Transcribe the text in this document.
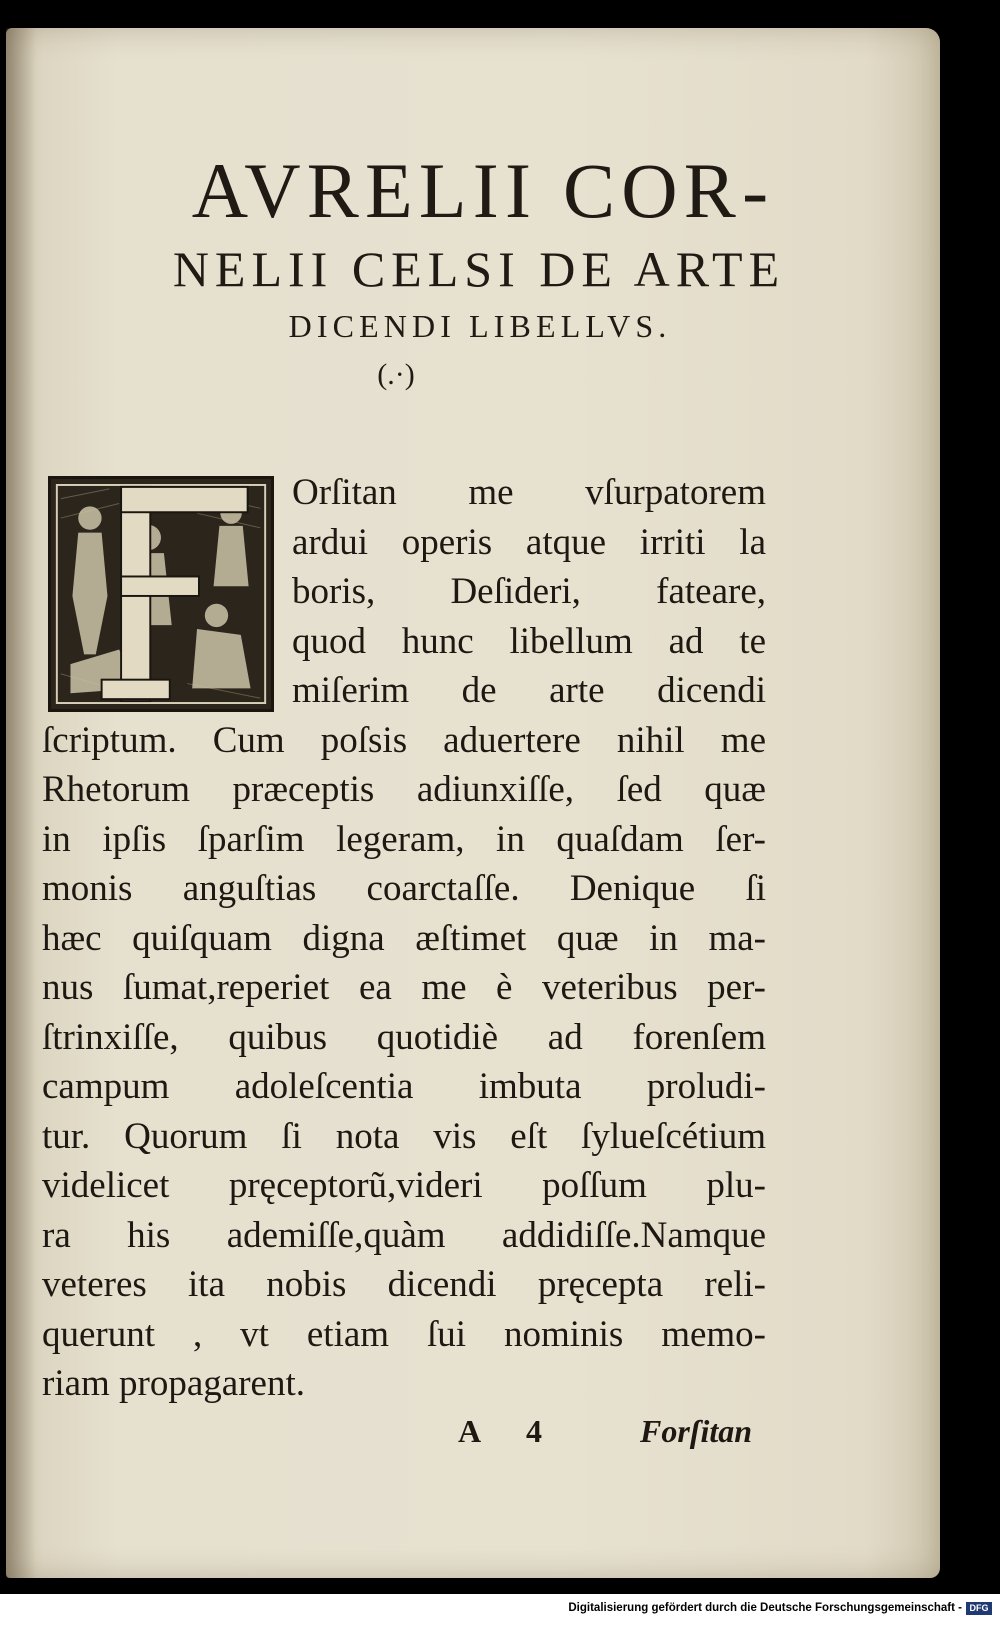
AVRELII COR-
NELII CELSI DE ARTE
DICENDI LIBELLVS.
(.·)
Orſitan me vſurpatorem
ardui operis atque irriti la
boris, Deſideri, fateare,
quod hunc libellum ad te
miſerim de arte dicendi
ſcriptum. Cum poſsis aduertere nihil me
Rhetorum præceptis adiunxiſſe, ſed quæ
in ipſis ſparſim legeram, in quaſdam ſer-
monis anguſtias coarctaſſe. Denique ſi
hæc quiſquam digna æſtimet quæ in ma-
nus ſumat,reperiet ea me è veteribus per-
ſtrinxiſſe, quibus quotidiè ad forenſem
campum adoleſcentia imbuta proludi-
tur. Quorum ſi nota vis eſt ſylueſcétium
videlicet pręceptorũ,videri poſſum plu-
ra his ademiſſe,quàm addidiſſe.Namque
veteres ita nobis dicendi pręcepta reli-
querunt , vt etiam ſui nominis memo-
riam propagarent.
A 4	Forſitan
Digitalisierung gefördert durch die Deutsche Forschungsgemeinschaft - DFG
